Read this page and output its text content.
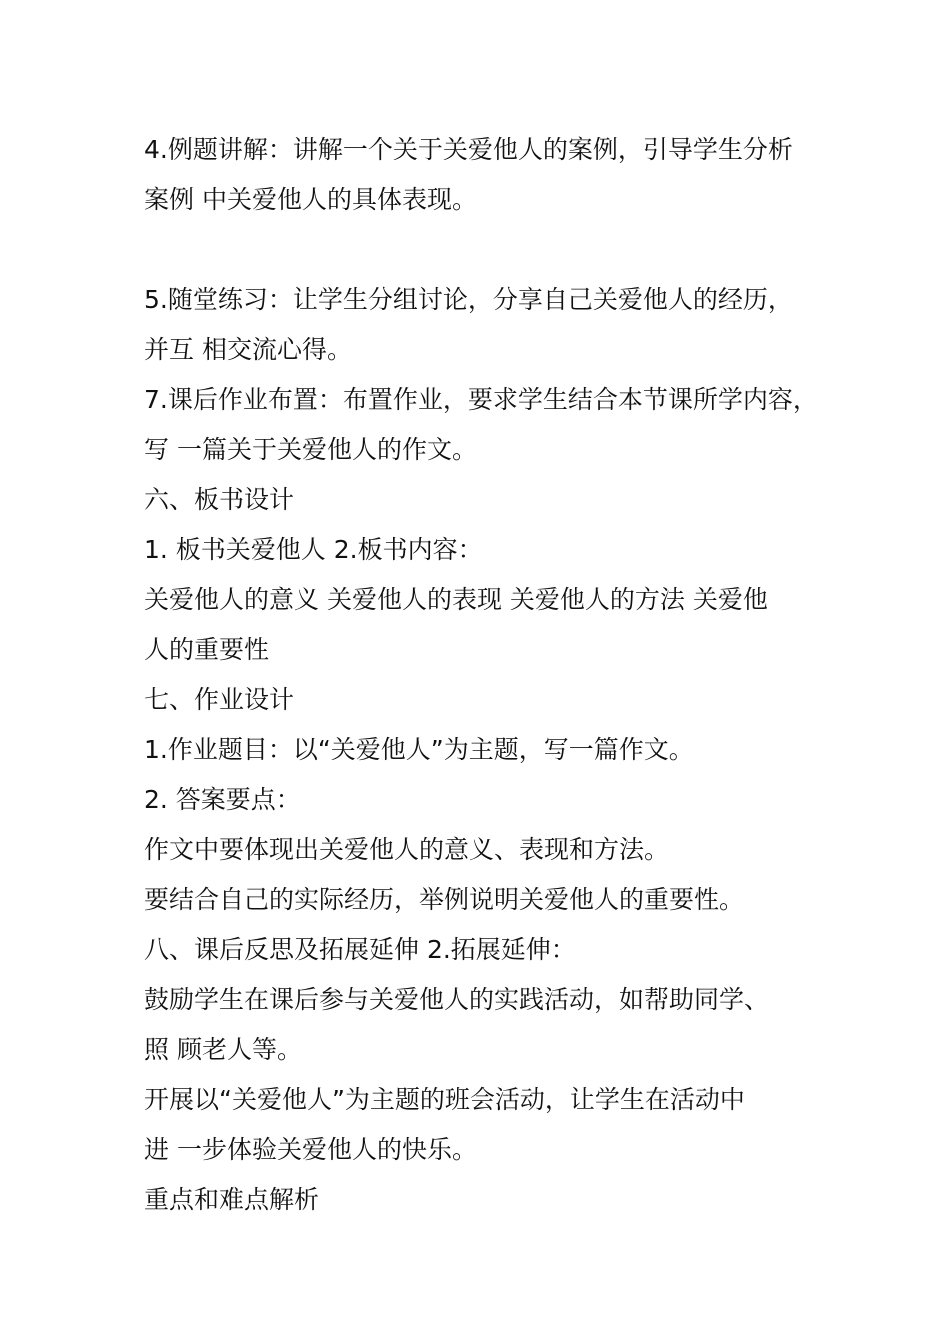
4.例题讲解：讲解一个关于关爱他人的案例，引导学生分析
案例 中关爱他人的具体表现。
5.随堂练习：让学生分组讨论，分享自己关爱他人的经历，
并互 相交流心得。
7.课后作业布置：布置作业，要求学生结合本节课所学内容，
写 一篇关于关爱他人的作文。
六、板书设计
1. 板书关爱他人 2.板书内容：
关爱他人的意义 关爱他人的表现 关爱他人的方法 关爱他
人的重要性
七、作业设计
1.作业题目：以“关爱他人”为主题，写一篇作文。
2. 答案要点：
作文中要体现出关爱他人的意义、表现和方法。
要结合自己的实际经历，举例说明关爱他人的重要性。
八、课后反思及拓展延伸 2.拓展延伸：
鼓励学生在课后参与关爱他人的实践活动，如帮助同学、
照 顾老人等。
开展以“关爱他人”为主题的班会活动，让学生在活动中
进 一步体验关爱他人的快乐。
重点和难点解析
